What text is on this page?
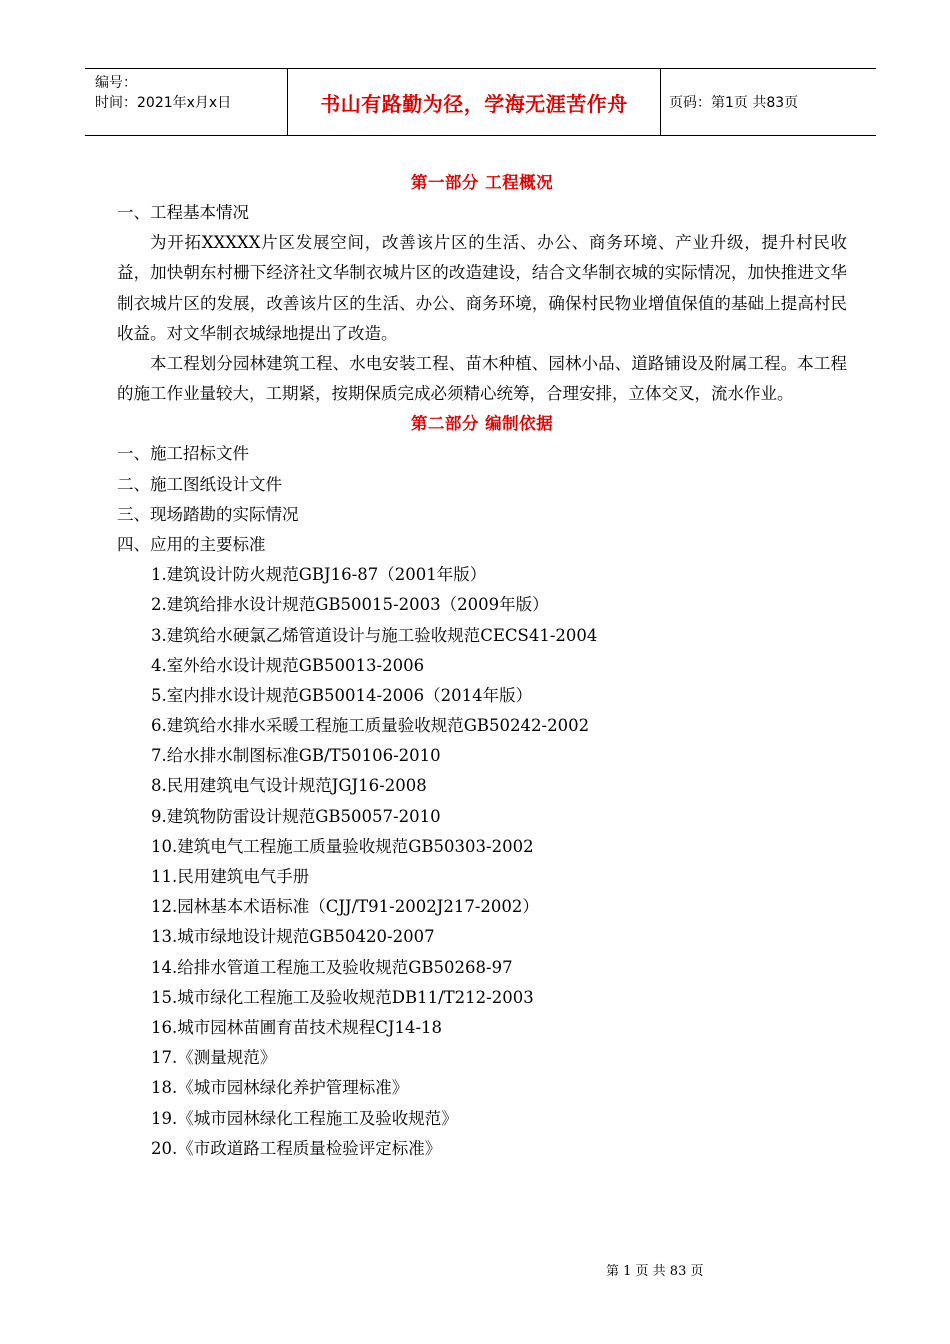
编号：
时间：2021年x月x日	书山有路勤为径，学海无涯苦作舟	页码：第1页 共83页
第一部分 工程概况
一、工程基本情况
为开拓XXXXX片区发展空间，改善该片区的生活、办公、商务环境、产业升级，提升村民收益，加快朝东村栅下经济社文华制衣城片区的改造建设，结合文华制衣城的实际情况，加快推进文华制衣城片区的发展，改善该片区的生活、办公、商务环境，确保村民物业增值保值的基础上提高村民收益。对文华制衣城绿地提出了改造。
本工程划分园林建筑工程、水电安装工程、苗木种植、园林小品、道路铺设及附属工程。本工程的施工作业量较大，工期紧，按期保质完成必须精心统筹，合理安排，立体交叉，流水作业。
第二部分 编制依据
一、施工招标文件
二、施工图纸设计文件
三、现场踏勘的实际情况
四、应用的主要标准
1.建筑设计防火规范GBJ16-87（2001年版）
2.建筑给排水设计规范GB50015-2003（2009年版）
3.建筑给水硬氯乙烯管道设计与施工验收规范CECS41-2004
4.室外给水设计规范GB50013-2006
5.室内排水设计规范GB50014-2006（2014年版）
6.建筑给水排水采暖工程施工质量验收规范GB50242-2002
7.给水排水制图标准GB/T50106-2010
8.民用建筑电气设计规范JGJ16-2008
9.建筑物防雷设计规范GB50057-2010
10.建筑电气工程施工质量验收规范GB50303-2002
11.民用建筑电气手册
12.园林基本术语标准（CJJ/T91-2002J217-2002）
13.城市绿地设计规范GB50420-2007
14.给排水管道工程施工及验收规范GB50268-97
15.城市绿化工程施工及验收规范DB11/T212-2003
16.城市园林苗圃育苗技术规程CJ14-18
17.《测量规范》
18.《城市园林绿化养护管理标准》
19.《城市园林绿化工程施工及验收规范》
20.《市政道路工程质量检验评定标准》
第 1 页 共 83 页
